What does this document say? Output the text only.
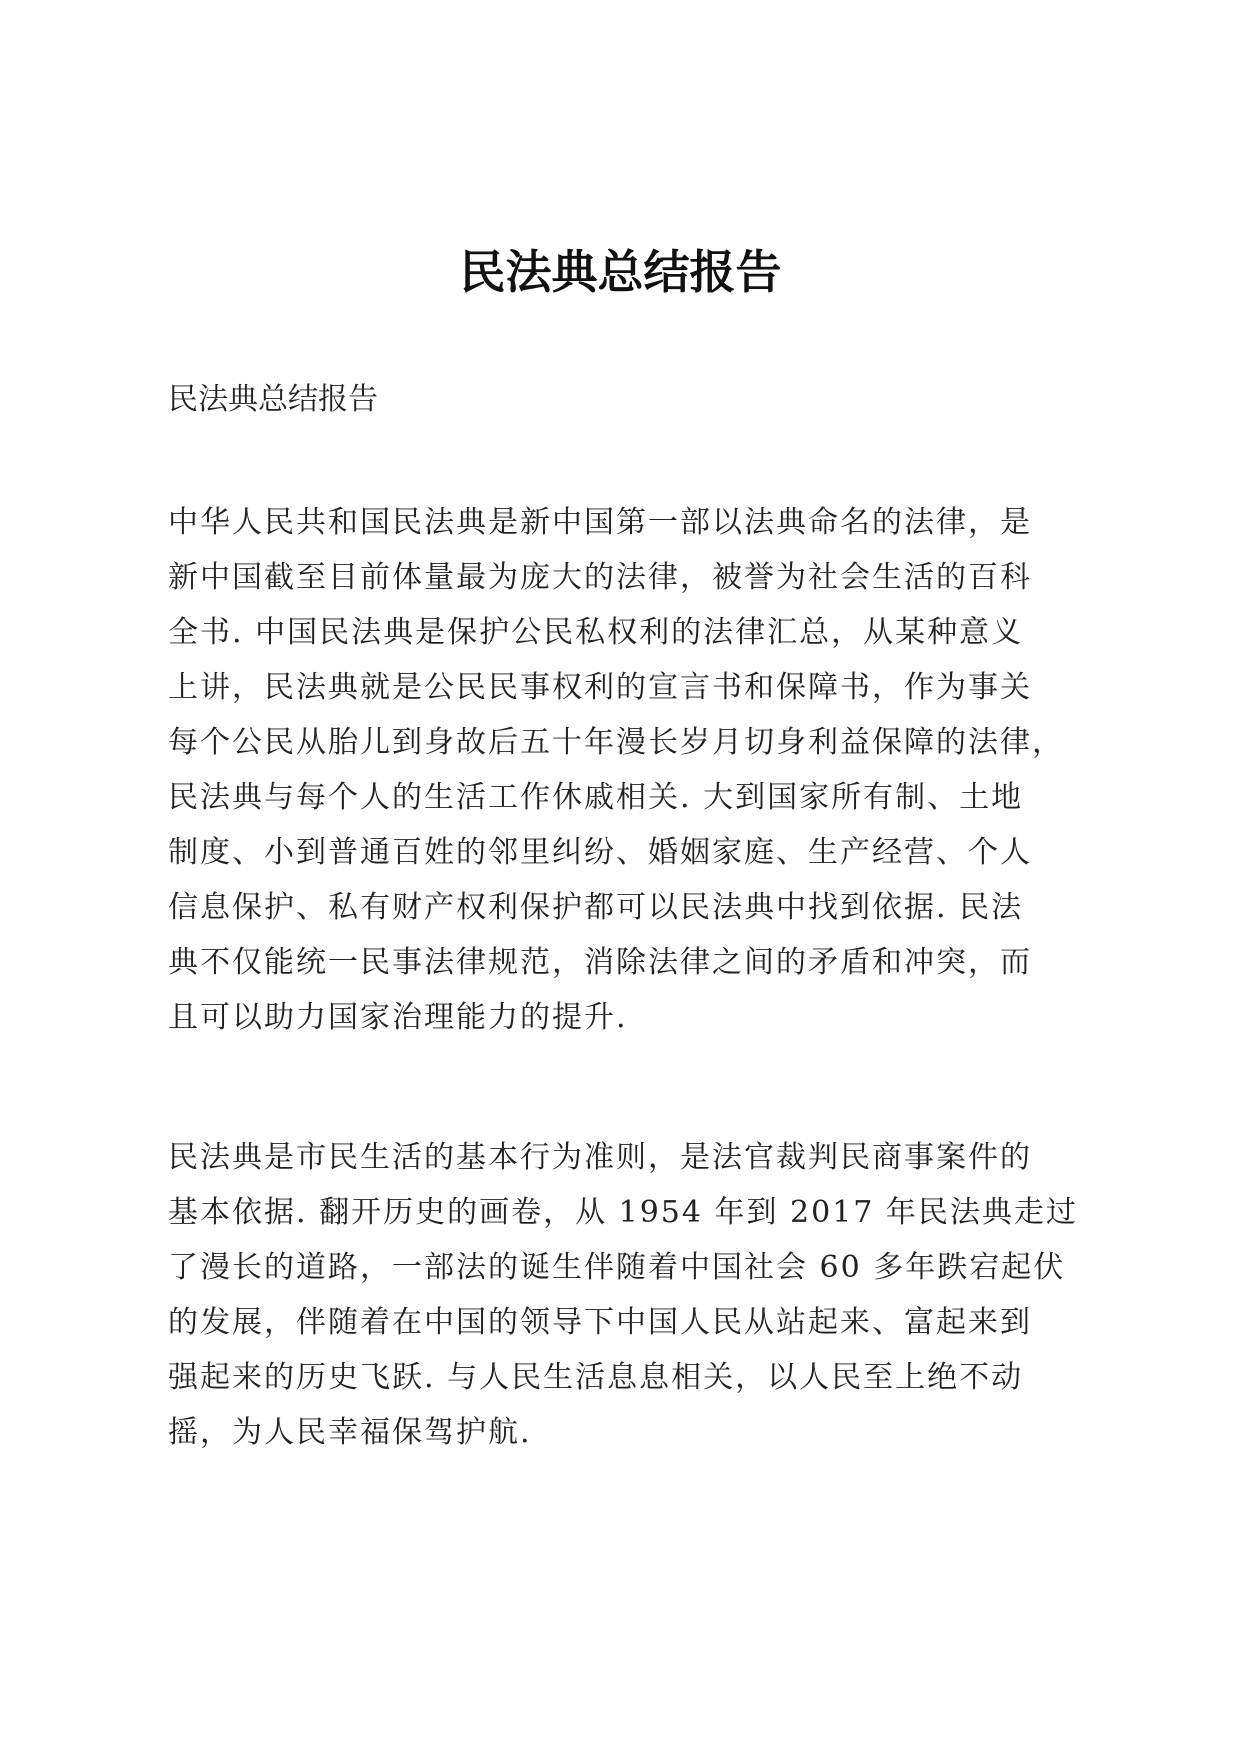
民法典总结报告

民法典总结报告

中华人民共和国民法典是新中国第一部以法典命名的法律，是
新中国截至目前体量最为庞大的法律，被誉为社会生活的百科
全书. 中国民法典是保护公民私权利的法律汇总，从某种意义
上讲，民法典就是公民民事权利的宣言书和保障书，作为事关
每个公民从胎儿到身故后五十年漫长岁月切身利益保障的法律，
民法典与每个人的生活工作休戚相关. 大到国家所有制、土地
制度、小到普通百姓的邻里纠纷、婚姻家庭、生产经营、个人
信息保护、私有财产权利保护都可以民法典中找到依据. 民法
典不仅能统一民事法律规范，消除法律之间的矛盾和冲突，而
且可以助力国家治理能力的提升.

民法典是市民生活的基本行为准则，是法官裁判民商事案件的
基本依据. 翻开历史的画卷，从 1954 年到 2017 年民法典走过
了漫长的道路，一部法的诞生伴随着中国社会 60 多年跌宕起伏
的发展，伴随着在中国的领导下中国人民从站起来、富起来到
强起来的历史飞跃. 与人民生活息息相关，以人民至上绝不动
摇，为人民幸福保驾护航.
